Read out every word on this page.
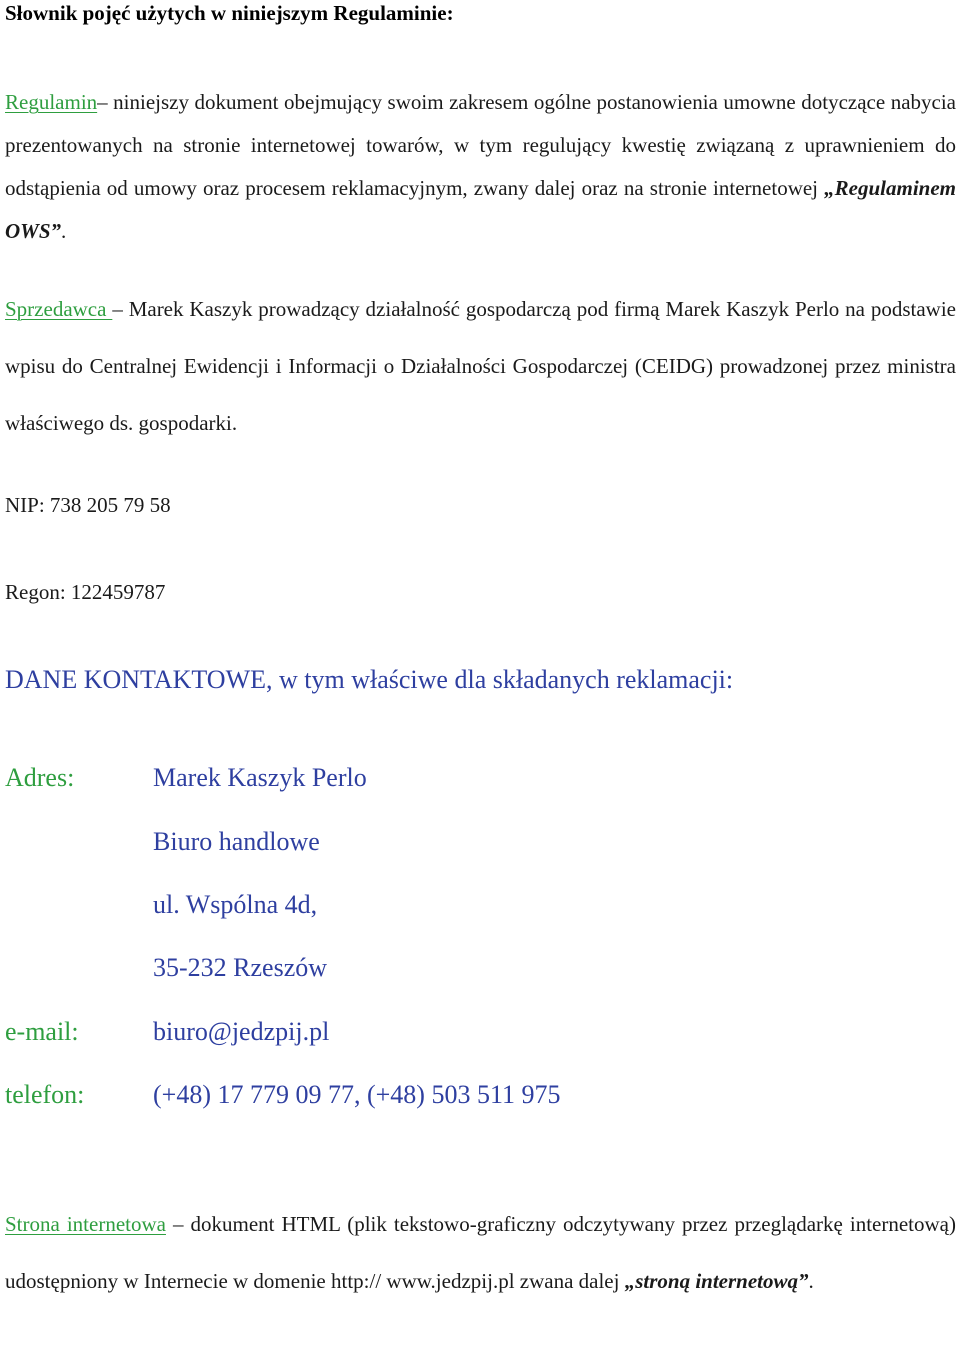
Słownik pojęć użytych w niniejszym Regulaminie:

Regulamin– niniejszy dokument obejmujący swoim zakresem ogólne postanowienia umowne dotyczące nabycia prezentowanych na stronie internetowej towarów, w tym regulujący kwestię związaną z uprawnieniem do odstąpienia od umowy oraz procesem reklamacyjnym, zwany dalej oraz na stronie internetowej „Regulaminem OWS”.

Sprzedawca – Marek Kaszyk prowadzący działalność gospodarczą pod firmą Marek Kaszyk Perlo na podstawie wpisu do Centralnej Ewidencji i Informacji o Działalności Gospodarczej (CEIDG) prowadzonej przez ministra właściwego ds. gospodarki.

NIP: 738 205 79 58
Regon: 122459787
DANE KONTAKTOWE, w tym właściwe dla składanych reklamacji:
Adres:	Marek Kaszyk Perlo
Biuro handlowe
ul. Wspólna 4d,
35-232 Rzeszów
e-mail:	biuro@jedzpij.pl
telefon:	(+48) 17 779 09 77, (+48) 503 511 975

Strona internetowa – dokument HTML (plik tekstowo-graficzny odczytywany przez przeglądarkę internetową) udostępniony w Internecie w domenie http:// www.jedzpij.pl zwana dalej „stroną internetową”.
